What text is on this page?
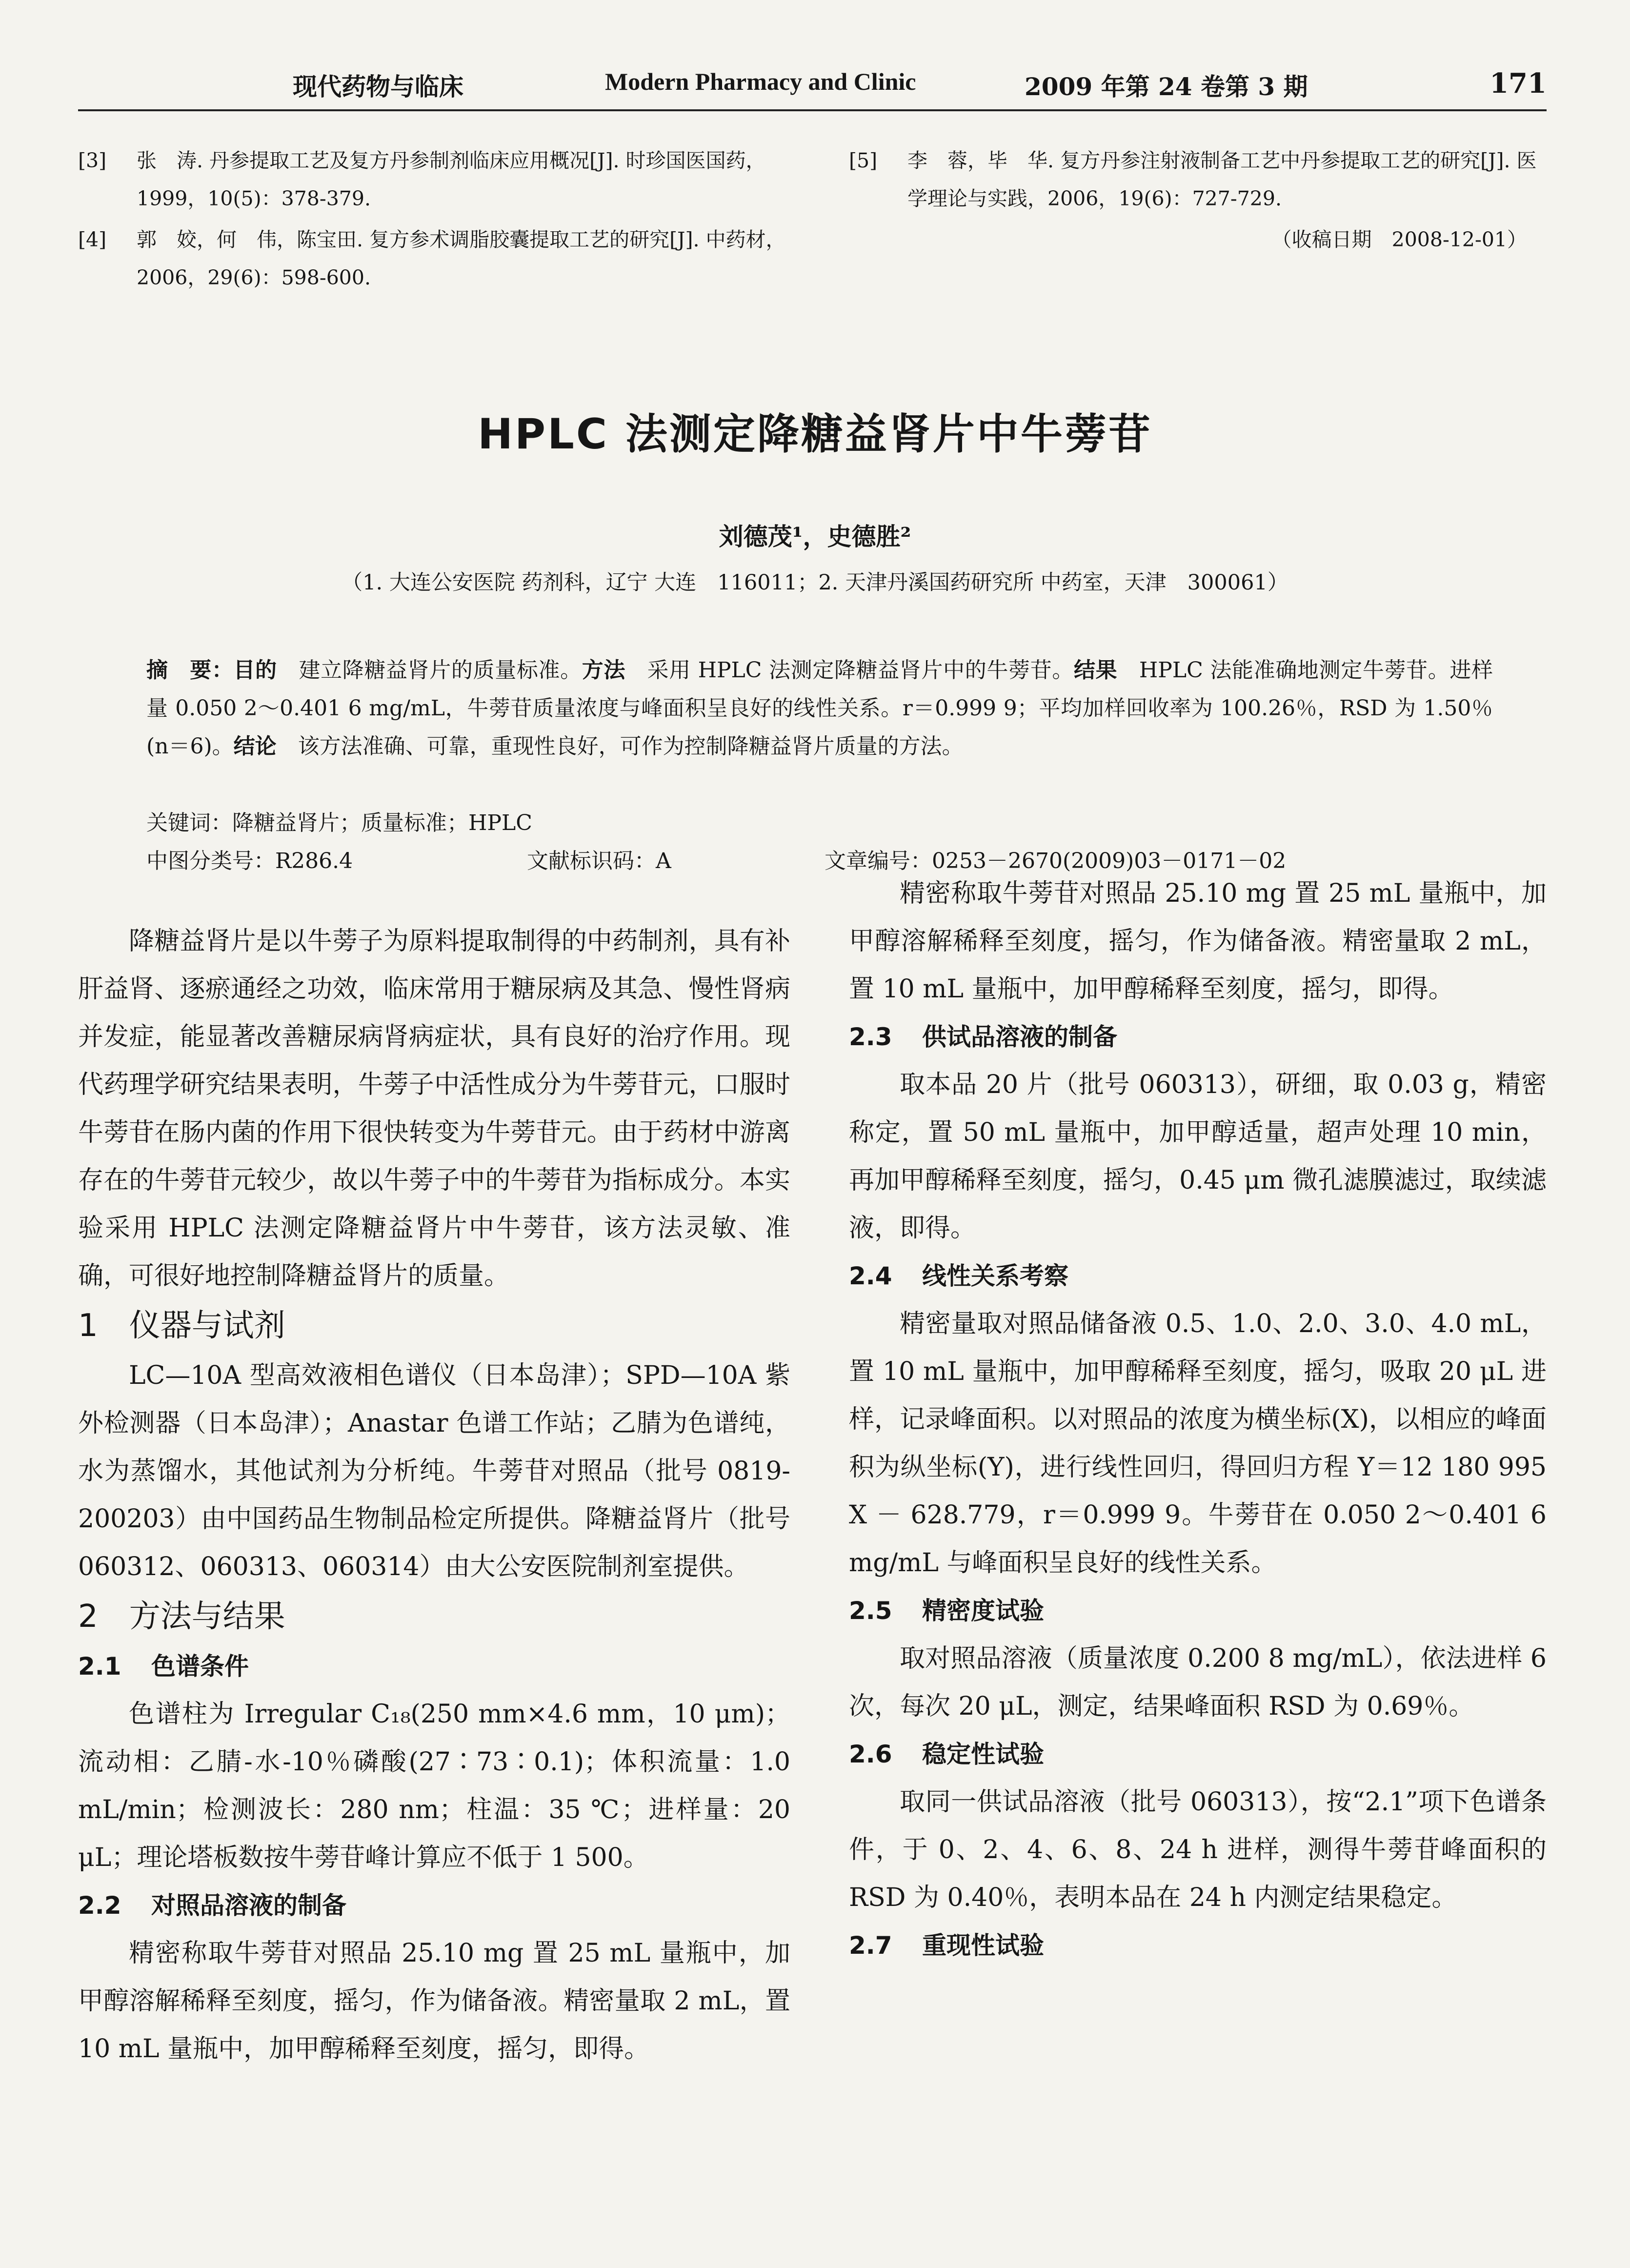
现代药物与临床	Modern Pharmacy and Clinic	2009 年第 24 卷第 3 期	171
[3] 张　涛. 丹参提取工艺及复方丹参制剂临床应用概况[J]. 时珍国医国药，1999，10(5)：378-379.
[4] 郭　姣，何　伟，陈宝田. 复方参术调脂胶囊提取工艺的研究[J]. 中药材，2006，29(6)：598-600.
[5] 李　蓉，毕　华. 复方丹参注射液制备工艺中丹参提取工艺的研究[J]. 医学理论与实践，2006，19(6)：727-729.
（收稿日期　2008-12-01）
HPLC 法测定降糖益肾片中牛蒡苷
刘德茂¹，史德胜²
（1. 大连公安医院 药剂科，辽宁 大连　116011；2. 天津丹溪国药研究所 中药室，天津　300061）
摘　要：目的　 建立降糖益肾片的质量标准。方法　 采用 HPLC 法测定降糖益肾片中的牛蒡苷。结果　 HPLC 法能准确地测定牛蒡苷。进样量 0.050 2～0.401 6 mg/mL，牛蒡苷质量浓度与峰面积呈良好的线性关系。r＝0.999 9；平均加样回收率为 100.26％，RSD 为 1.50％(n＝6)。结论　 该方法准确、可靠，重现性良好，可作为控制降糖益肾片质量的方法。
关键词：降糖益肾片；质量标准；HPLC
中图分类号：R286.4	文献标识码：A	文章编号：0253－2670(2009)03－0171－02

降糖益肾片是以牛蒡子为原料提取制得的中药制剂，具有补肝益肾、逐瘀通经之功效，临床常用于糖尿病及其急、慢性肾病并发症，能显著改善糖尿病肾病症状，具有良好的治疗作用。现代药理学研究结果表明，牛蒡子中活性成分为牛蒡苷元，口服时牛蒡苷在肠内菌的作用下很快转变为牛蒡苷元。由于药材中游离存在的牛蒡苷元较少，故以牛蒡子中的牛蒡苷为指标成分。本实验采用 HPLC 法测定降糖益肾片中牛蒡苷，该方法灵敏、准确，可很好地控制降糖益肾片的质量。

1　仪器与试剂

LC—10A 型高效液相色谱仪（日本岛津）；SPD—10A 紫外检测器（日本岛津）；Anastar 色谱工作站；乙腈为色谱纯，水为蒸馏水，其他试剂为分析纯。牛蒡苷对照品（批号 0819-200203）由中国药品生物制品检定所提供。降糖益肾片（批号 060312、060313、060314）由大公安医院制剂室提供。

2　方法与结果
2.1 色谱条件

色谱柱为 Irregular C₁₈(250 mm×4.6 mm，10 μm)；流动相：乙腈-水-10％磷酸(27∶73∶0.1)；体积流量：1.0 mL/min；检测波长：280 nm；柱温：35 ℃；进样量：20 μL；理论塔板数按牛蒡苷峰计算应不低于 1 500。

2.2 对照品溶液的制备

精密称取牛蒡苷对照品 25.10 mg 置 25 mL 量瓶中，加甲醇溶解稀释至刻度，摇匀，作为储备液。精密量取 2 mL，置 10 mL 量瓶中，加甲醇稀释至刻度，摇匀，即得。

精密称取牛蒡苷对照品 25.10 mg 置 25 mL 量瓶中，加甲醇溶解稀释至刻度，摇匀，作为储备液。精密量取 2 mL，置 10 mL 量瓶中，加甲醇稀释至刻度，摇匀，即得。

2.3 供试品溶液的制备

取本品 20 片（批号 060313），研细，取 0.03 g，精密称定，置 50 mL 量瓶中，加甲醇适量，超声处理 10 min，再加甲醇稀释至刻度，摇匀，0.45 μm 微孔滤膜滤过，取续滤液，即得。

2.4 线性关系考察

精密量取对照品储备液 0.5、1.0、2.0、3.0、4.0 mL，置 10 mL 量瓶中，加甲醇稀释至刻度，摇匀，吸取 20 μL 进样，记录峰面积。以对照品的浓度为横坐标(X)，以相应的峰面积为纵坐标(Y)，进行线性回归，得回归方程 Y＝12 180 995 X － 628.779，r＝0.999 9。牛蒡苷在 0.050 2～0.401 6 mg/mL 与峰面积呈良好的线性关系。

2.5 精密度试验

取对照品溶液（质量浓度 0.200 8 mg/mL），依法进样 6 次，每次 20 μL，测定，结果峰面积 RSD 为 0.69％。

2.6 稳定性试验

取同一供试品溶液（批号 060313），按“2.1”项下色谱条件，于 0、2、4、6、8、24 h 进样，测得牛蒡苷峰面积的 RSD 为 0.40％，表明本品在 24 h 内测定结果稳定。

2.7 重现性试验
